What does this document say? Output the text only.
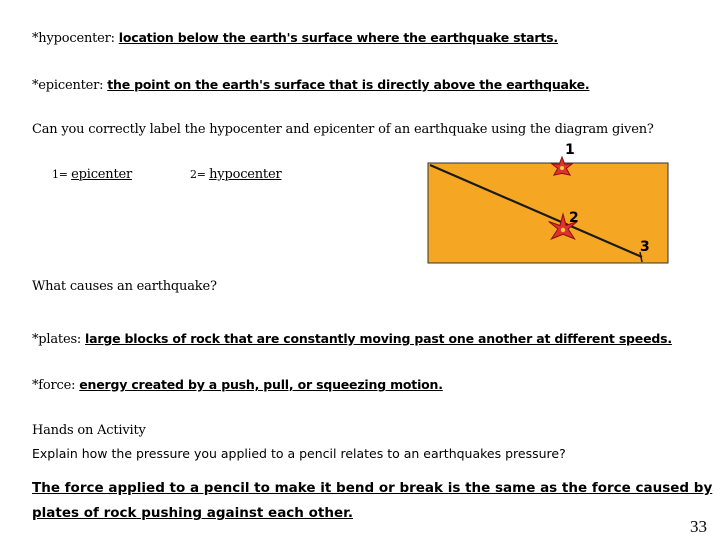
*hypocenter: location below the earth's surface where the earthquake starts.
*epicenter: the point on the earth's surface that is directly above the earthquake.
Can you correctly label the hypocenter and epicenter of an earthquake using the diagram given?
1= epicenter	2= hypocenter
1
2
3
What causes an earthquake?
*plates: large blocks of rock that are constantly moving past one another at different speeds.
*force: energy created by a push, pull, or squeezing motion.
Hands on Activity
Explain how the pressure you applied to a pencil relates to an earthquakes pressure?
The force applied to a pencil to make it bend or break is the same as the force caused by
plates of rock pushing against each other.
33
